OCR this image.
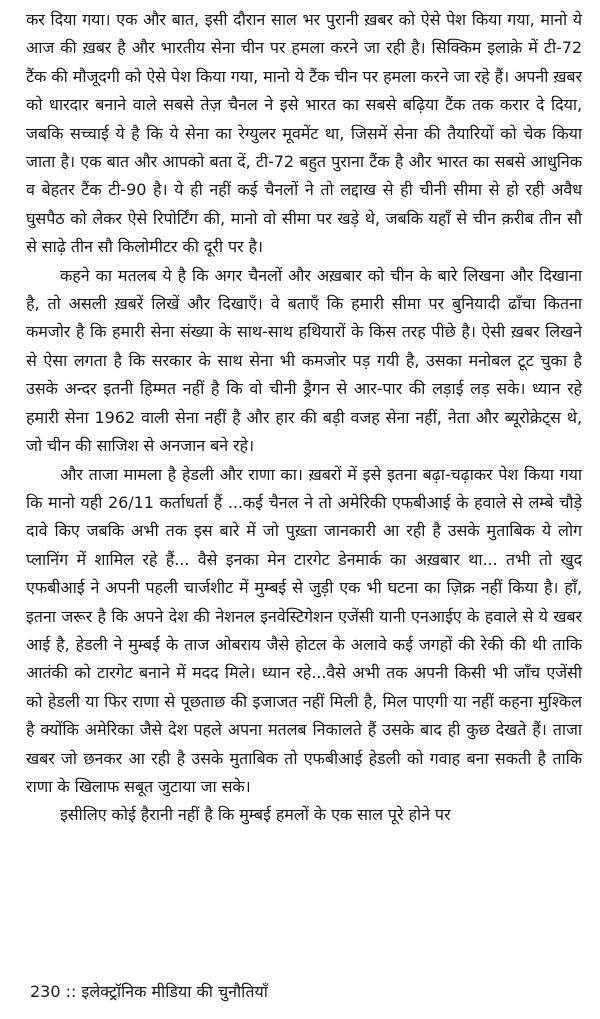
कर दिया गया। एक और बात, इसी दौरान साल भर पुरानी ख़बर को ऐसे पेश किया गया, मानो ये आज की ख़बर है और भारतीय सेना चीन पर हमला करने जा रही है। सिक्किम इलाक़े में टी-72 टैंक की मौजूदगी को ऐसे पेश किया गया, मानो ये टैंक चीन पर हमला करने जा रहे हैं। अपनी ख़बर को धारदार बनाने वाले सबसे तेज़ चैनल ने इसे भारत का सबसे बढ़िया टैंक तक करार दे दिया, जबकि सच्चाई ये है कि ये सेना का रेग्युलर मूवमेंट था, जिसमें सेना की तैयारियों को चेक किया जाता है। एक बात और आपको बता दें, टी-72 बहुत पुराना टैंक है और भारत का सबसे आधुनिक व बेहतर टैंक टी-90 है। ये ही नहीं कई चैनलों ने तो लद्दाख से ही चीनी सीमा से हो रही अवैध घुसपैठ को लेकर ऐसे रिपोर्टिंग की, मानो वो सीमा पर खड़े थे, जबकि यहाँ से चीन क़रीब तीन सौ से साढ़े तीन सौ किलोमीटर की दूरी पर है।

कहने का मतलब ये है कि अगर चैनलों और अख़बार को चीन के बारे लिखना और दिखाना है, तो असली ख़बरें लिखें और दिखाएँ। वे बताएँ कि हमारी सीमा पर बुनियादी ढाँचा कितना कमजोर है कि हमारी सेना संख्या के साथ-साथ हथियारों के किस तरह पीछे है। ऐसी ख़बर लिखने से ऐसा लगता है कि सरकार के साथ सेना भी कमजोर पड़ गयी है, उसका मनोबल टूट चुका है उसके अन्दर इतनी हिम्मत नहीं है कि वो चीनी ड्रैगन से आर-पार की लड़ाई लड़ सके। ध्यान रहे हमारी सेना 1962 वाली सेना नहीं है और हार की बड़ी वजह सेना नहीं, नेता और ब्यूरोक्रेट्स थे, जो चीन की साजिश से अनजान बने रहे।

और ताजा मामला है हेडली और राणा का। ख़बरों में इसे इतना बढ़ा-चढ़ाकर पेश किया गया कि मानो यही 26/11 कर्ताधर्ता हैं ...कई चैनल ने तो अमेरिकी एफबीआई के हवाले से लम्बे चौड़े दावे किए जबकि अभी तक इस बारे में जो पुख़्ता जानकारी आ रही है उसके मुताबिक ये लोग प्लानिंग में शामिल रहे हैं... वैसे इनका मेन टारगेट डेनमार्क का अख़बार था... तभी तो खुद एफबीआई ने अपनी पहली चार्जशीट में मुम्बई से जुड़ी एक भी घटना का ज़िक्र नहीं किया है। हाँ, इतना जरूर है कि अपने देश की नेशनल इनवेस्टिगेशन एजेंसी यानी एनआईए के हवाले से ये खबर आई है, हेडली ने मुम्बई के ताज ओबराय जैसे होटल के अलावे कई जगहों की रेकी की थी ताकि आतंकी को टारगेट बनाने में मदद मिले। ध्यान रहे...वैसे अभी तक अपनी किसी भी जाँच एजेंसी को हेडली या फिर राणा से पूछताछ की इजाजत नहीं मिली है, मिल पाएगी या नहीं कहना मुश्किल है क्योंकि अमेरिका जैसे देश पहले अपना मतलब निकालते हैं उसके बाद ही कुछ देखते हैं। ताजा खबर जो छनकर आ रही है उसके मुताबिक तो एफबीआई हेडली को गवाह बना सकती है ताकि राणा के खिलाफ सबूत जुटाया जा सके।

इसीलिए कोई हैरानी नहीं है कि मुम्बई हमलों के एक साल पूरे होने पर

230 :: इलेक्ट्रॉनिक मीडिया की चुनौतियाँ
